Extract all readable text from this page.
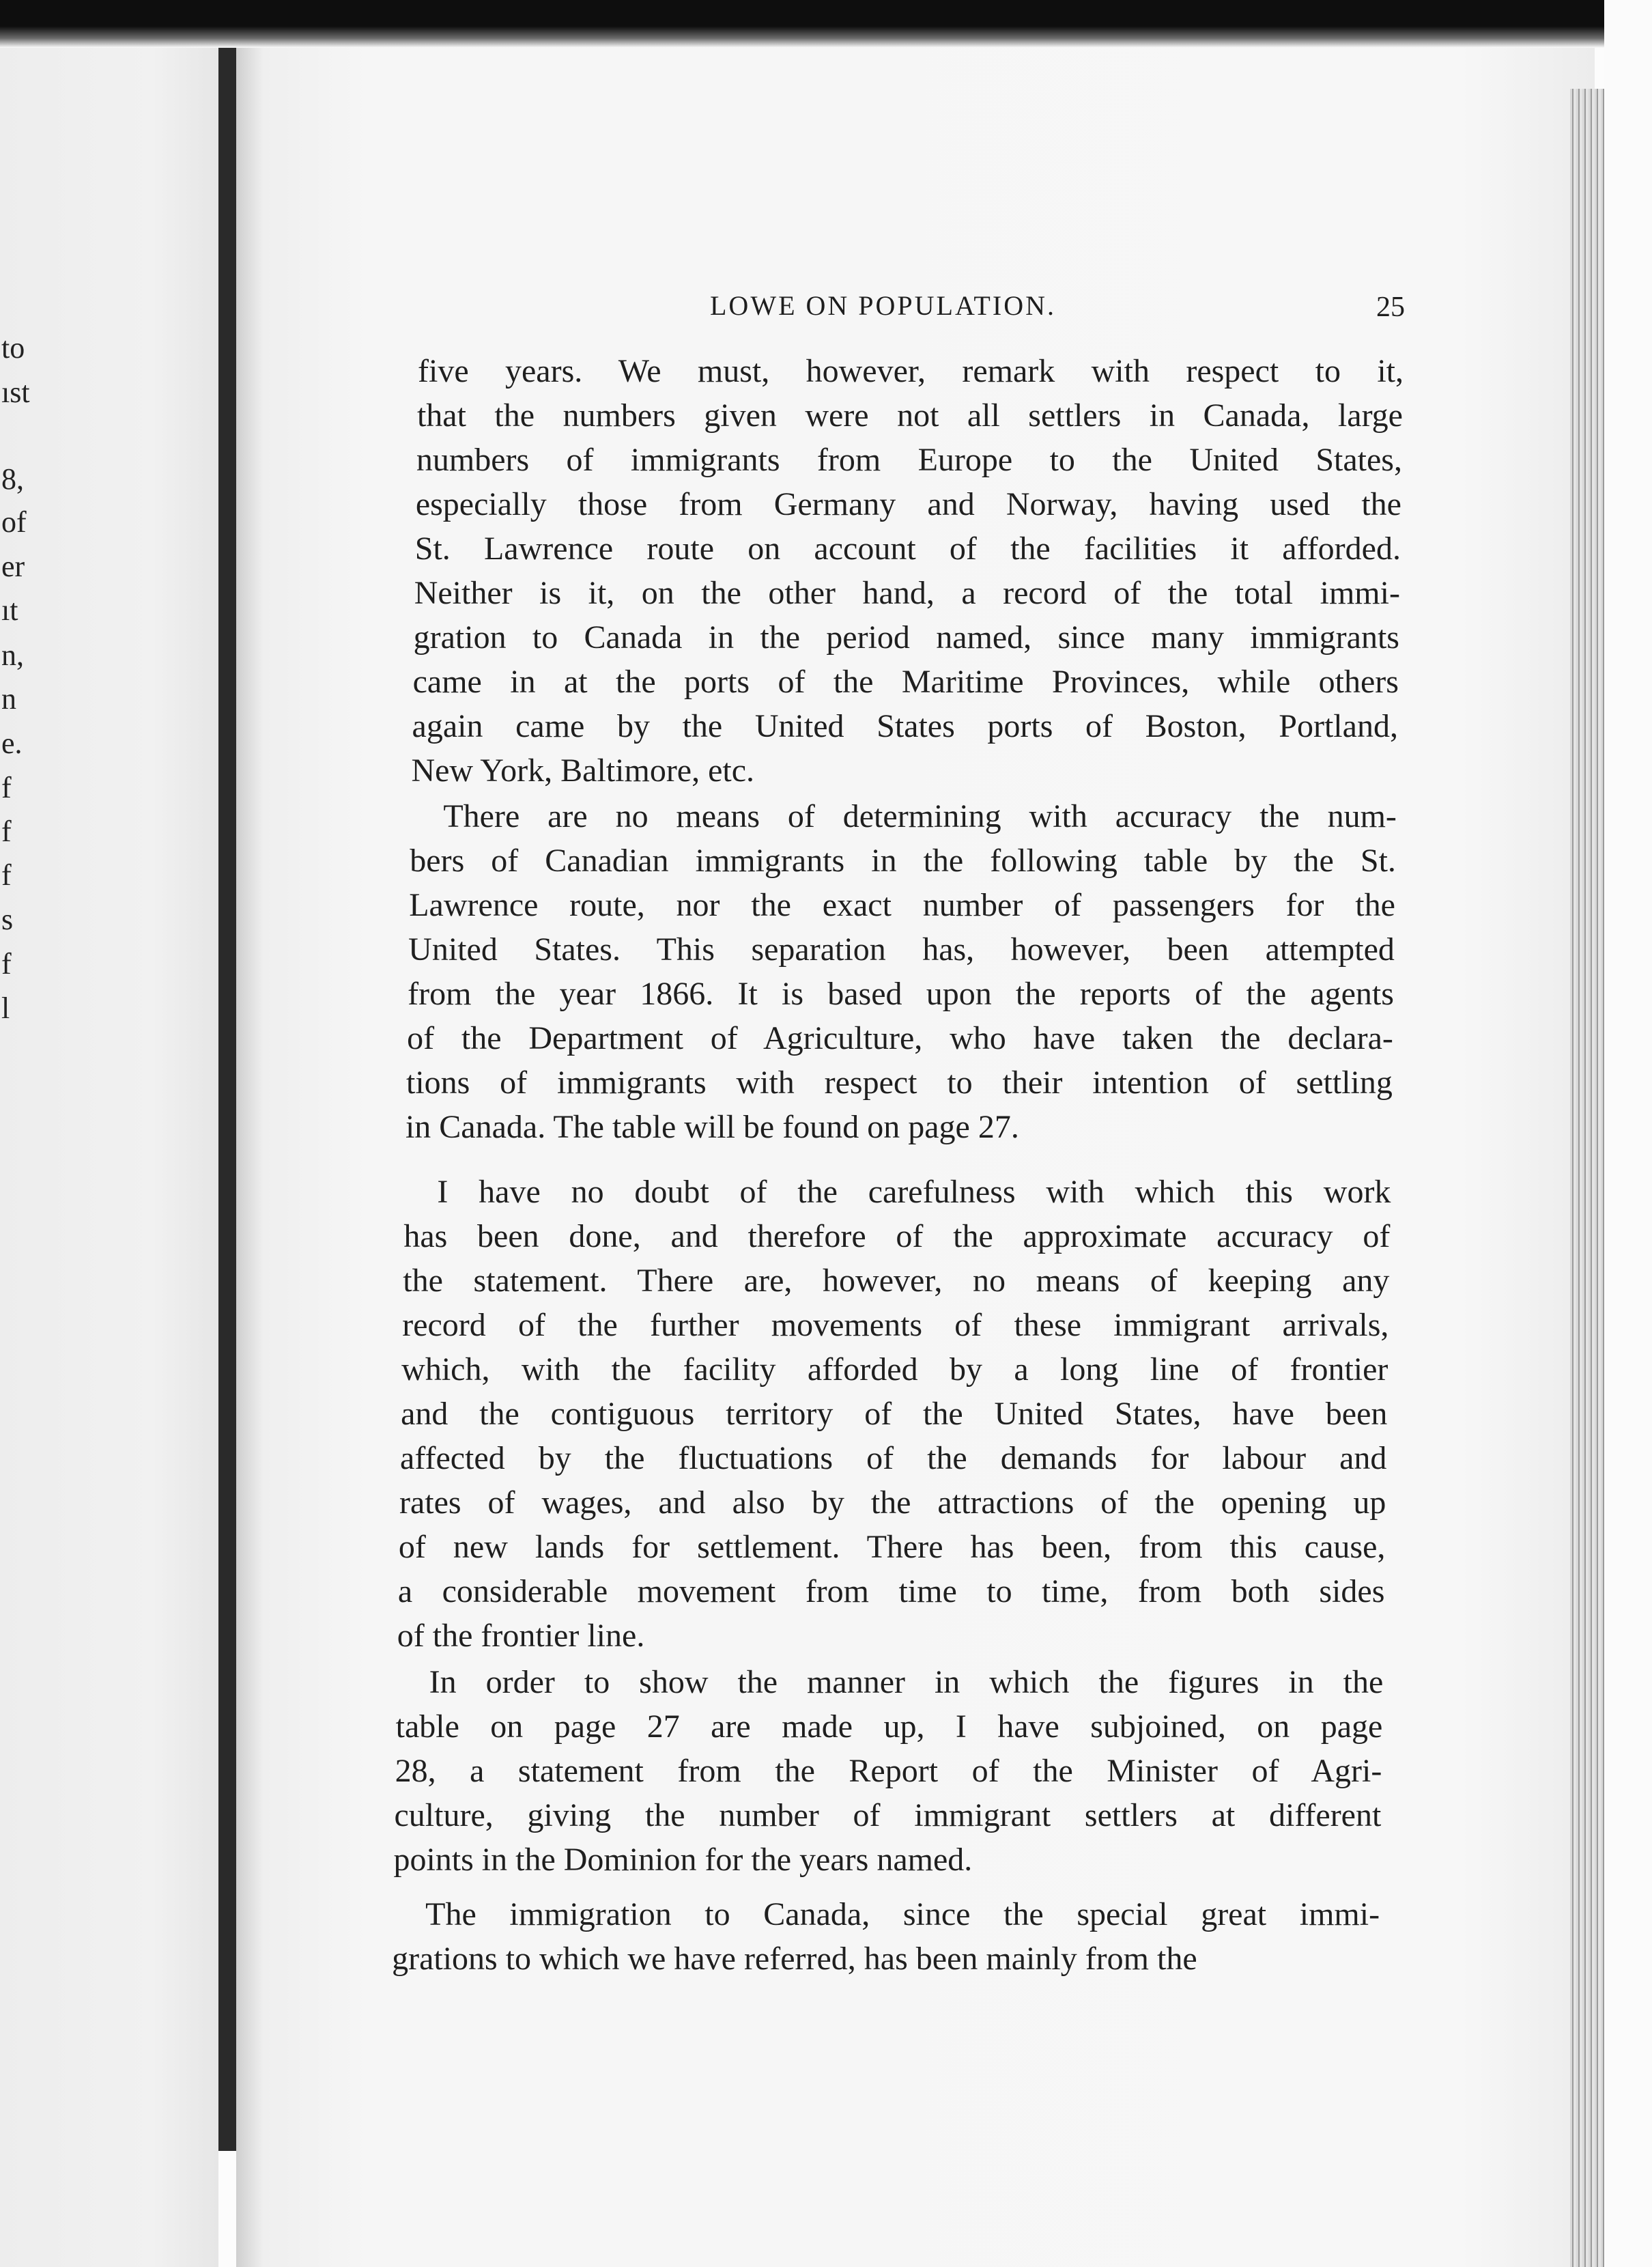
to
ıst
8,
of
er
ıt
n,
n
e.
f
f
f
s
f
l
LOWE ON POPULATION.	25
five years. We must, however, remark with respect to it,
that the numbers given were not all settlers in Canada, large
numbers of immigrants from Europe to the United States,
especially those from Germany and Norway, having used the
St. Lawrence route on account of the facilities it afforded.
Neither is it, on the other hand, a record of the total immi-
gration to Canada in the period named, since many immigrants
came in at the ports of the Maritime Provinces, while others
again came by the United States ports of Boston, Portland,
New York, Baltimore, etc.
There are no means of determining with accuracy the num-
bers of Canadian immigrants in the following table by the St.
Lawrence route, nor the exact number of passengers for the
United States. This separation has, however, been attempted
from the year 1866. It is based upon the reports of the agents
of the Department of Agriculture, who have taken the declara-
tions of immigrants with respect to their intention of settling
in Canada. The table will be found on page 27.
I have no doubt of the carefulness with which this work
has been done, and therefore of the approximate accuracy of
the statement. There are, however, no means of keeping any
record of the further movements of these immigrant arrivals,
which, with the facility afforded by a long line of frontier
and the contiguous territory of the United States, have been
affected by the fluctuations of the demands for labour and
rates of wages, and also by the attractions of the opening up
of new lands for settlement. There has been, from this cause,
a considerable movement from time to time, from both sides
of the frontier line.
In order to show the manner in which the figures in the
table on page 27 are made up, I have subjoined, on page
28, a statement from the Report of the Minister of Agri-
culture, giving the number of immigrant settlers at different
points in the Dominion for the years named.
The immigration to Canada, since the special great immi-
grations to which we have referred, has been mainly from the
